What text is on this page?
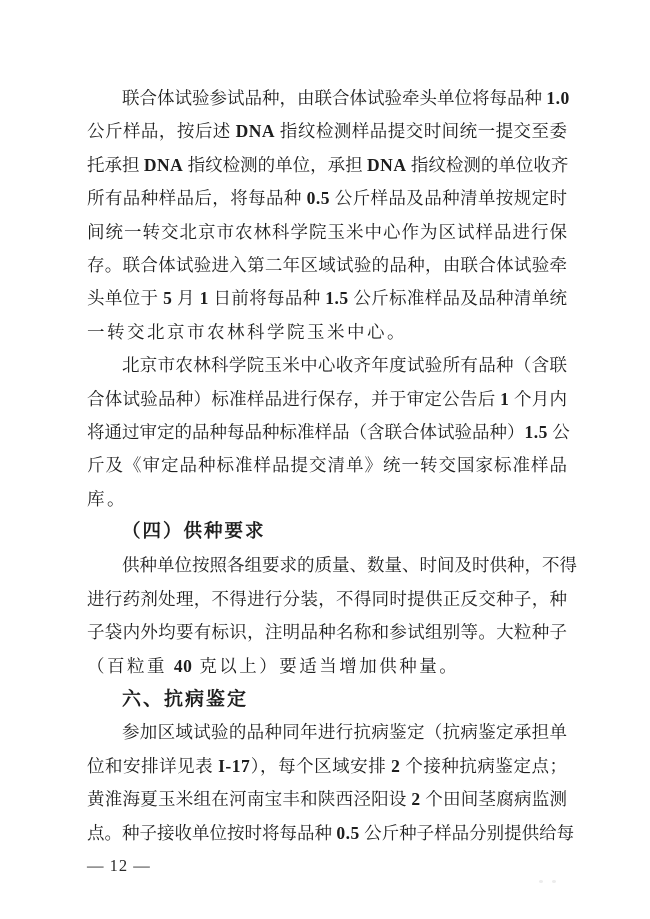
联合体试验参试品种，由联合体试验牵头单位将每品种 1.0
公斤样品，按后述 DNA 指纹检测样品提交时间统一提交至委
托承担 DNA 指纹检测的单位，承担 DNA 指纹检测的单位收齐
所有品种样品后，将每品种 0.5 公斤样品及品种清单按规定时
间统一转交北京市农林科学院玉米中心作为区试样品进行保
存。联合体试验进入第二年区域试验的品种，由联合体试验牵
头单位于 5 月 1 日前将每品种 1.5 公斤标准样品及品种清单统
一转交北京市农林科学院玉米中心。
北京市农林科学院玉米中心收齐年度试验所有品种（含联
合体试验品种）标准样品进行保存，并于审定公告后 1 个月内
将通过审定的品种每品种标准样品（含联合体试验品种）1.5 公
斤及《审定品种标准样品提交清单》统一转交国家标准样品
库。
（四）供种要求
供种单位按照各组要求的质量、数量、时间及时供种，不得
进行药剂处理，不得进行分装，不得同时提供正反交种子，种
子袋内外均要有标识，注明品种名称和参试组别等。大粒种子
（百粒重 40 克以上）要适当增加供种量。
六、抗病鉴定
参加区域试验的品种同年进行抗病鉴定（抗病鉴定承担单
位和安排详见表 I-17），每个区域安排 2 个接种抗病鉴定点；
黄淮海夏玉米组在河南宝丰和陕西泾阳设 2 个田间茎腐病监测
点。种子接收单位按时将每品种 0.5 公斤种子样品分别提供给每
— 12 —
